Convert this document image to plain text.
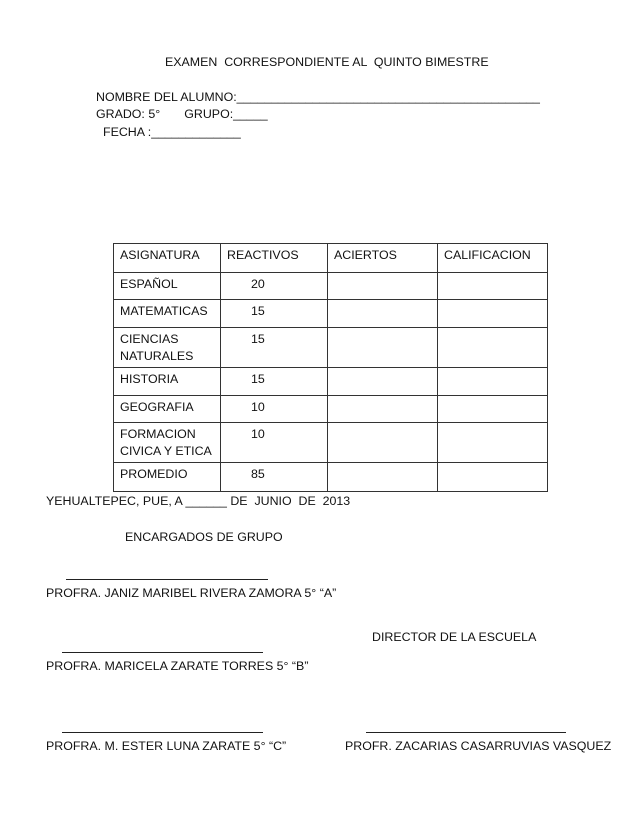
EXAMEN  CORRESPONDIENTE AL  QUINTO BIMESTRE
NOMBRE DEL ALUMNO:____________________________________________
GRADO: 5°       GRUPO:_____
FECHA :_____________
ASIGNATURA	REACTIVOS	ACIERTOS	CALIFICACION
ESPAÑOL	20		
MATEMATICAS	15		
CIENCIAS
NATURALES	15		
HISTORIA	15		
GEOGRAFIA	10		
FORMACION
CIVICA Y ETICA	10		
PROMEDIO	85		
YEHUALTEPEC, PUE, A ______ DE  JUNIO  DE  2013
ENCARGADOS DE GRUPO
PROFRA. JANIZ MARIBEL RIVERA ZAMORA 5° “A”
DIRECTOR DE LA ESCUELA
PROFRA. MARICELA ZARATE TORRES 5° “B”
PROFRA. M. ESTER LUNA ZARATE 5° “C”	PROFR. ZACARIAS CASARRUVIAS VASQUEZ
